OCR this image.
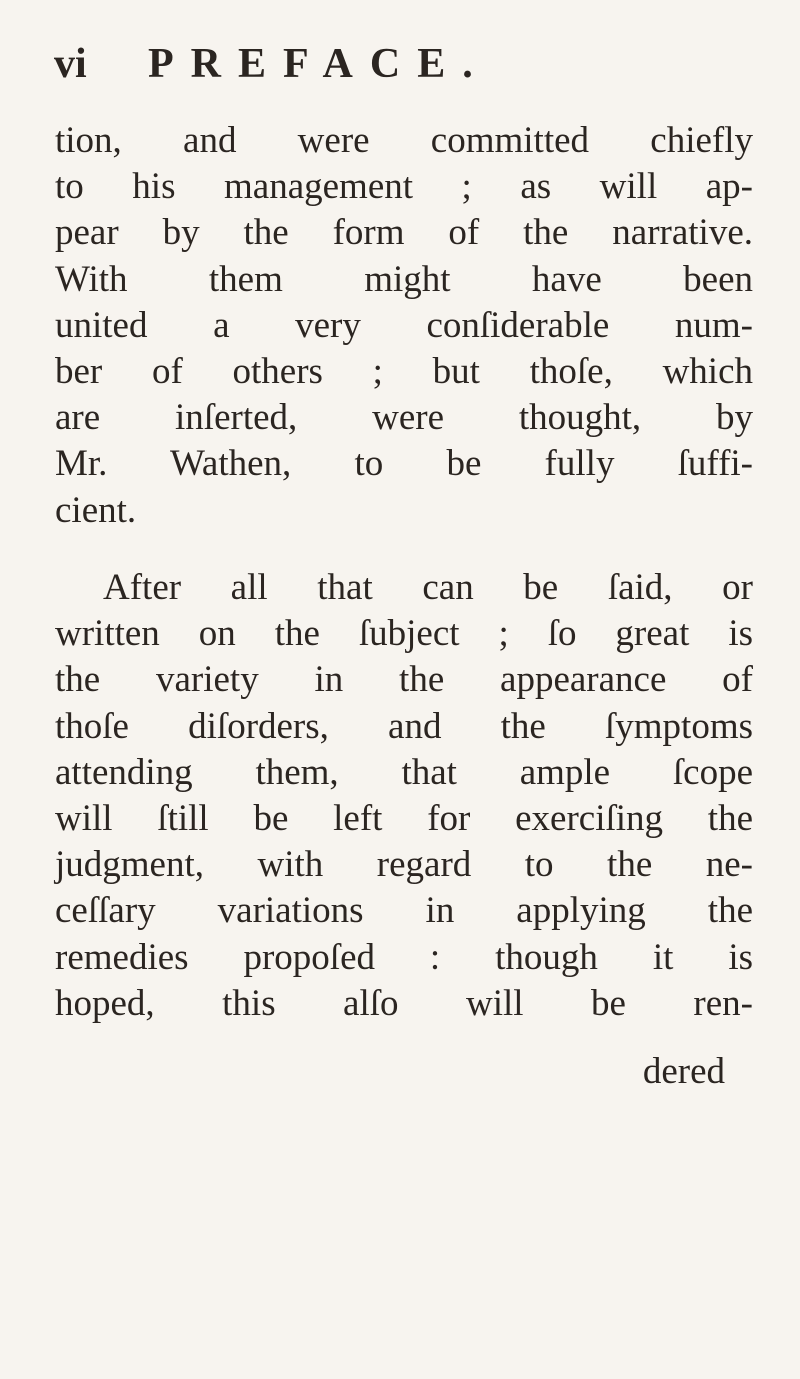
vi PREFACE.
tion, and were committed chiefly
to his management ; as will ap-
pear by the form of the narrative.
With them might have been
united a very conſiderable num-
ber of others ; but thoſe, which
are inſerted, were thought, by
Mr. Wathen, to be fully ſuffi-
cient.
After all that can be ſaid, or
written on the ſubject ; ſo great is
the variety in the appearance of
thoſe diſorders, and the ſymptoms
attending them, that ample ſcope
will ſtill be left for exerciſing the
judgment, with regard to the ne-
ceſſary variations in applying the
remedies propoſed : though it is
hoped, this alſo will be ren-
dered
